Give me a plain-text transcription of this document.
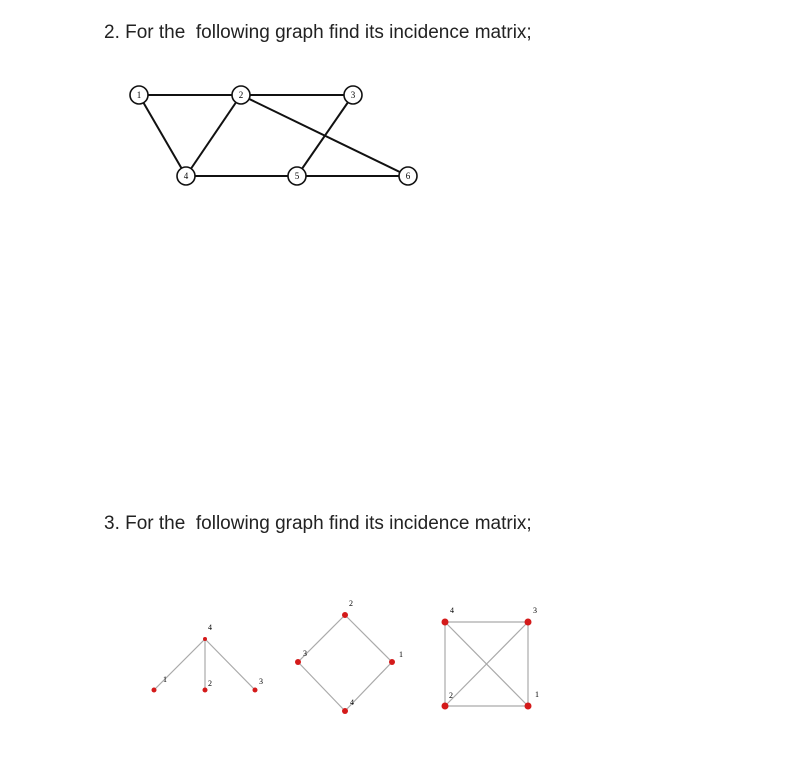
2. For the  following graph find its incidence matrix;
1	2	3
4	5	6
4
1	2	3
2
1
3
4
4	3
2	1
3. For the  following graph find its incidence matrix;
